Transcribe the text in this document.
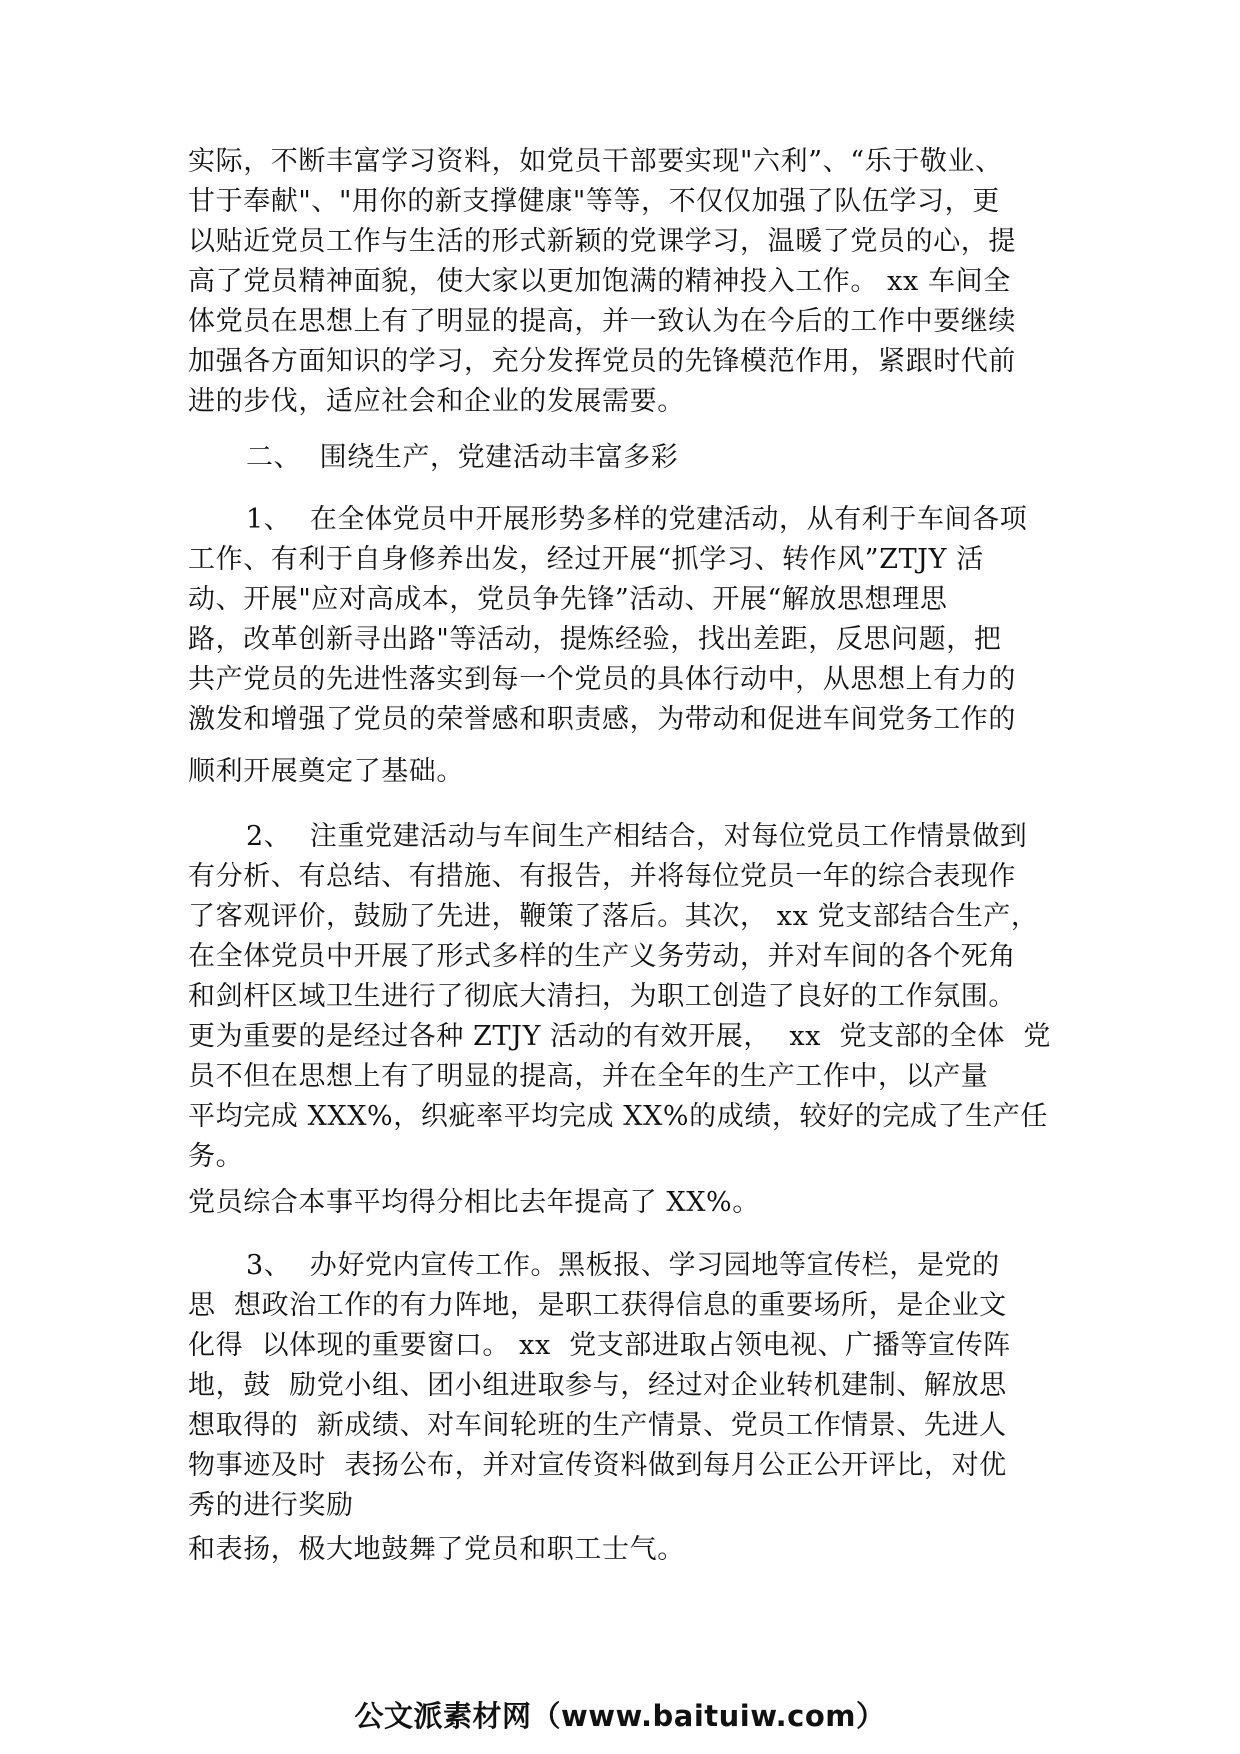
实际，不断丰富学习资料，如党员干部要实现"六利”、“乐于敬业、
甘于奉献"、"用你的新支撑健康"等等，不仅仅加强了队伍学习，更
以贴近党员工作与生活的形式新颖的党课学习，温暖了党员的心，提
高了党员精神面貌，使大家以更加饱满的精神投入工作。 xx 车间全
体党员在思想上有了明显的提高，并一致认为在今后的工作中要继续
加强各方面知识的学习，充分发挥党员的先锋模范作用，紧跟时代前
进的步伐，适应社会和企业的发展需要。
二、  围绕生产，党建活动丰富多彩
1、  在全体党员中开展形势多样的党建活动，从有利于车间各项
工作、有利于自身修养出发，经过开展“抓学习、转作风”ZTJY 活
动、开展"应对高成本，党员争先锋”活动、开展“解放思想理思
路，改革创新寻出路"等活动，提炼经验，找出差距，反思问题，把
共产党员的先进性落实到每一个党员的具体行动中，从思想上有力的
激发和增强了党员的荣誉感和职责感，为带动和促进车间党务工作的
顺利开展奠定了基础。
2、  注重党建活动与车间生产相结合，对每位党员工作情景做到
有分析、有总结、有措施、有报告，并将每位党员一年的综合表现作
了客观评价，鼓励了先进，鞭策了落后。其次， xx 党支部结合生产，
在全体党员中开展了形式多样的生产义务劳动，并对车间的各个死角
和剑杆区域卫生进行了彻底大清扫，为职工创造了良好的工作氛围。
更为重要的是经过各种 ZTJY 活动的有效开展，  xx  党支部的全体  党
员不但在思想上有了明显的提高，并在全年的生产工作中，以产量
平均完成 XXX%，织疵率平均完成 XX%的成绩，较好的完成了生产任
务。
党员综合本事平均得分相比去年提高了 XX%。
3、  办好党内宣传工作。黑板报、学习园地等宣传栏，是党的
思  想政治工作的有力阵地，是职工获得信息的重要场所，是企业文
化得  以体现的重要窗口。 xx  党支部进取占领电视、广播等宣传阵
地，鼓  励党小组、团小组进取参与，经过对企业转机建制、解放思
想取得的  新成绩、对车间轮班的生产情景、党员工作情景、先进人
物事迹及时  表扬公布，并对宣传资料做到每月公正公开评比，对优
秀的进行奖励
和表扬，极大地鼓舞了党员和职工士气。
公文派素材网（www.baituiw.com）
